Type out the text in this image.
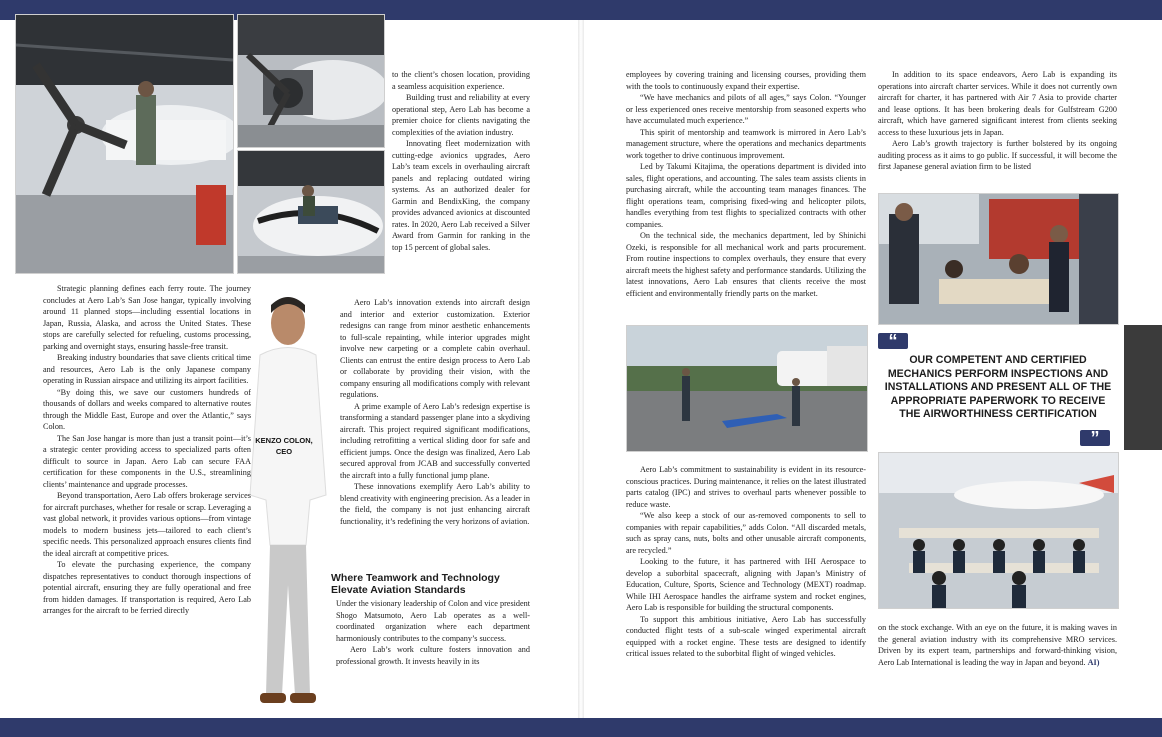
KENZO COLON,
CEO

Strategic planning defines each ferry route. The journey concludes at Aero Lab’s San Jose hangar, typically involving around 11 planned stops—including essential locations in Japan, Russia, Alaska, and across the United States. These stops are carefully selected for refueling, customs processing, parking and overnight stays, ensuring hassle-free transit.

Breaking industry boundaries that save clients critical time and resources, Aero Lab is the only Japanese company operating in Russian airspace and utilizing its airport facilities.

“By doing this, we save our customers hundreds of thousands of dollars and weeks compared to alternative routes through the Middle East, Europe and over the Atlantic,” says Colon.

The San Jose hangar is more than just a transit point—it’s a strategic center providing access to specialized parts often difficult to source in Japan. Aero Lab can secure FAA certification for these components in the U.S., streamlining clients’ maintenance and upgrade processes.

Beyond transportation, Aero Lab offers brokerage services for aircraft purchases, whether for resale or scrap. Leveraging a vast global network, it provides various options—from vintage models to modern business jets—tailored to each client’s specific needs. This personalized approach ensures clients find the ideal aircraft at competitive prices.

To elevate the purchasing experience, the company dispatches representatives to conduct thorough inspections of potential aircraft, ensuring they are fully operational and free from hidden damages. If transportation is required, Aero Lab arranges for the aircraft to be ferried directly

to the client’s chosen location, providing a seamless acquisition experience.

Building trust and reliability at every operational step, Aero Lab has become a premier choice for clients navigating the complexities of the aviation industry.

Innovating fleet modernization with cutting-edge avionics upgrades, Aero Lab’s team excels in overhauling aircraft panels and replacing outdated wiring systems. As an authorized dealer for Garmin and BendixKing, the company provides advanced avionics at discounted rates. In 2020, Aero Lab received a Silver Award from Garmin for ranking in the top 15 percent of global sales.

Aero Lab’s innovation extends into aircraft design and interior and exterior customization. Exterior redesigns can range from minor aesthetic enhancements to full-scale repainting, while interior upgrades might involve new carpeting or a complete cabin overhaul. Clients can entrust the entire design process to Aero Lab or collaborate by providing their vision, with the company ensuring all modifications comply with relevant regulations.

A prime example of Aero Lab’s redesign expertise is transforming a standard passenger plane into a skydiving aircraft. This project required significant modifications, including retrofitting a vertical sliding door for safe and efficient jumps. Once the design was finalized, Aero Lab secured approval from JCAB and successfully converted the aircraft into a fully functional jump plane.

These innovations exemplify Aero Lab’s ability to blend creativity with engineering precision. As a leader in the field, the company is not just enhancing aircraft functionality, it’s redefining the very horizons of aviation.

Where Teamwork and Technology
Elevate Aviation Standards

Under the visionary leadership of Colon and vice president Shogo Matsumoto, Aero Lab operates as a well-coordinated organization where each department harmoniously contributes to the company’s success.

Aero Lab’s work culture fosters innovation and professional growth. It invests heavily in its

employees by covering training and licensing courses, providing them with the tools to continuously expand their expertise.

“We have mechanics and pilots of all ages,” says Colon. “Younger or less experienced ones receive mentorship from seasoned experts who have accumulated much experience.”

This spirit of mentorship and teamwork is mirrored in Aero Lab’s management structure, where the operations and mechanics departments work together to drive continuous improvement.

Led by Takumi Kitajima, the operations department is divided into sales, flight operations, and accounting. The sales team assists clients in purchasing aircraft, while the accounting team manages finances. The flight operations team, comprising fixed-wing and helicopter pilots, handles everything from test flights to specialized contracts with other companies.

On the technical side, the mechanics department, led by Shinichi Ozeki, is responsible for all mechanical work and parts procurement. From routine inspections to complex overhauls, they ensure that every aircraft meets the highest safety and performance standards. Utilizing the latest innovations, Aero Lab ensures that clients receive the most efficient and environmentally friendly parts on the market.

Aero Lab’s commitment to sustainability is evident in its resource-conscious practices. During maintenance, it relies on the latest illustrated parts catalog (IPC) and strives to overhaul parts whenever possible to reduce waste.

“We also keep a stock of our as-removed components to sell to companies with repair capabilities,” adds Colon. “All discarded metals, such as spray cans, nuts, bolts and other unusable aircraft components, are recycled.”

Looking to the future, it has partnered with IHI Aerospace to develop a suborbital spacecraft, aligning with Japan’s Ministry of Education, Culture, Sports, Science and Technology (MEXT) roadmap. While IHI Aerospace handles the airframe system and rocket engines, Aero Lab is responsible for building the structural components.

To support this ambitious initiative, Aero Lab has successfully conducted flight tests of a sub-scale winged experimental aircraft equipped with a rocket engine. These tests are designed to identify critical issues related to the suborbital flight of winged vehicles.

In addition to its space endeavors, Aero Lab is expanding its operations into aircraft charter services. While it does not currently own aircraft for charter, it has partnered with Air 7 Asia to provide charter and lease options. It has been brokering deals for Gulfstream G200 aircraft, which have garnered significant interest from clients seeking access to these luxurious jets in Japan.

Aero Lab’s growth trajectory is further bolstered by its ongoing auditing process as it aims to go public. If successful, it will become the first Japanese general aviation firm to be listed

“
OUR COMPETENT AND CERTIFIED MECHANICS PERFORM INSPECTIONS AND INSTALLATIONS AND PRESENT ALL OF THE APPROPRIATE PAPERWORK TO RECEIVE THE AIRWORTHINESS CERTIFICATION
”

on the stock exchange. With an eye on the future, it is making waves in the general aviation industry with its comprehensive MRO services. Driven by its expert team, partnerships and forward-thinking vision, Aero Lab International is leading the way in Japan and beyond. AI)
